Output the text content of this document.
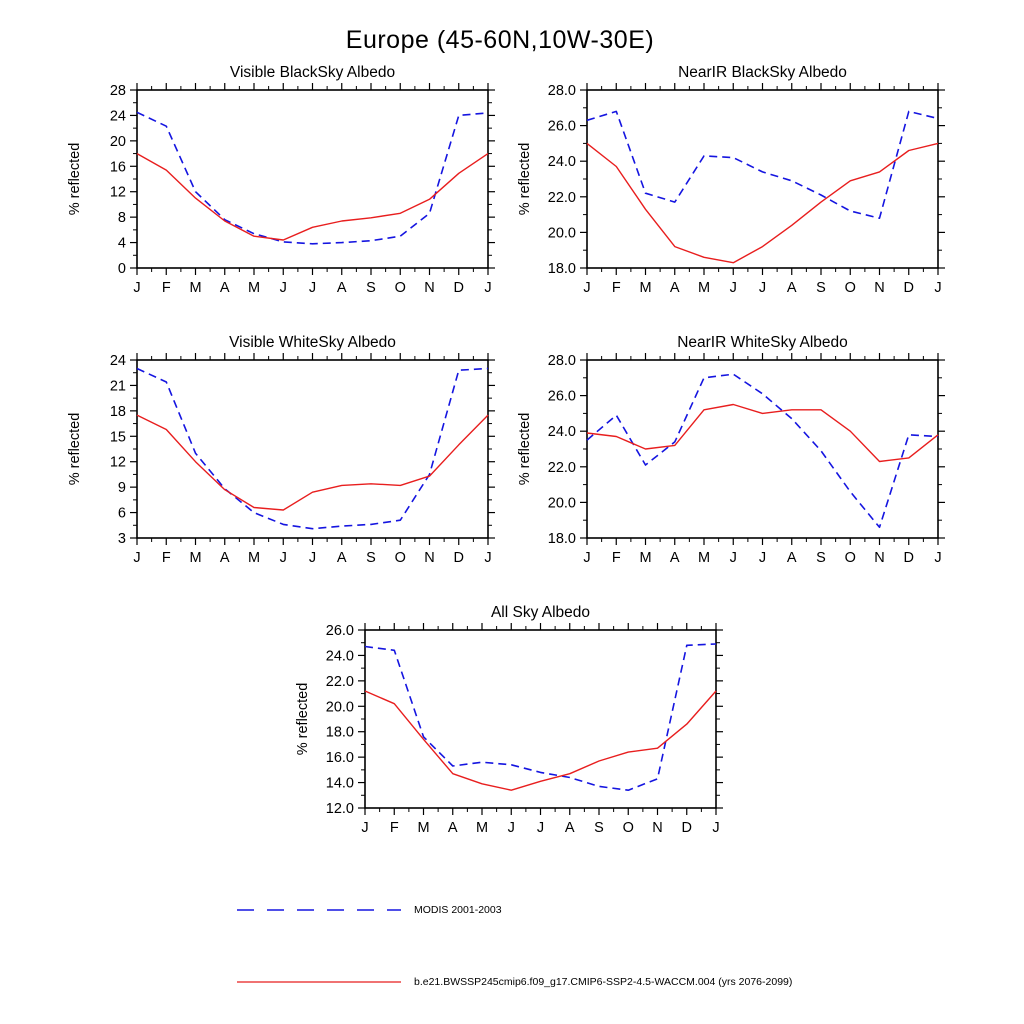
Europe (45-60N,10W-30E)
Visible BlackSky Albedo
J F M A M J J A S O N D J
0
4
8
12
16
20
24
28
% reflected
NearIR BlackSky Albedo
J F M A M J J A S O N D J
18.0
20.0
22.0
24.0
26.0
28.0
% reflected
Visible WhiteSky Albedo
J F M A M J J A S O N D J
3
6
9
12
15
18
21
24
% reflected
NearIR WhiteSky Albedo
J F M A M J J A S O N D J
18.0
20.0
22.0
24.0
26.0
28.0
% reflected
All Sky Albedo
J F M A M J J A S O N D J
12.0
14.0
16.0
18.0
20.0
22.0
24.0
26.0
% reflected
MODIS 2001-2003
b.e21.BWSSP245cmip6.f09_g17.CMIP6-SSP2-4.5-WACCM.004 (yrs 2076-2099)
